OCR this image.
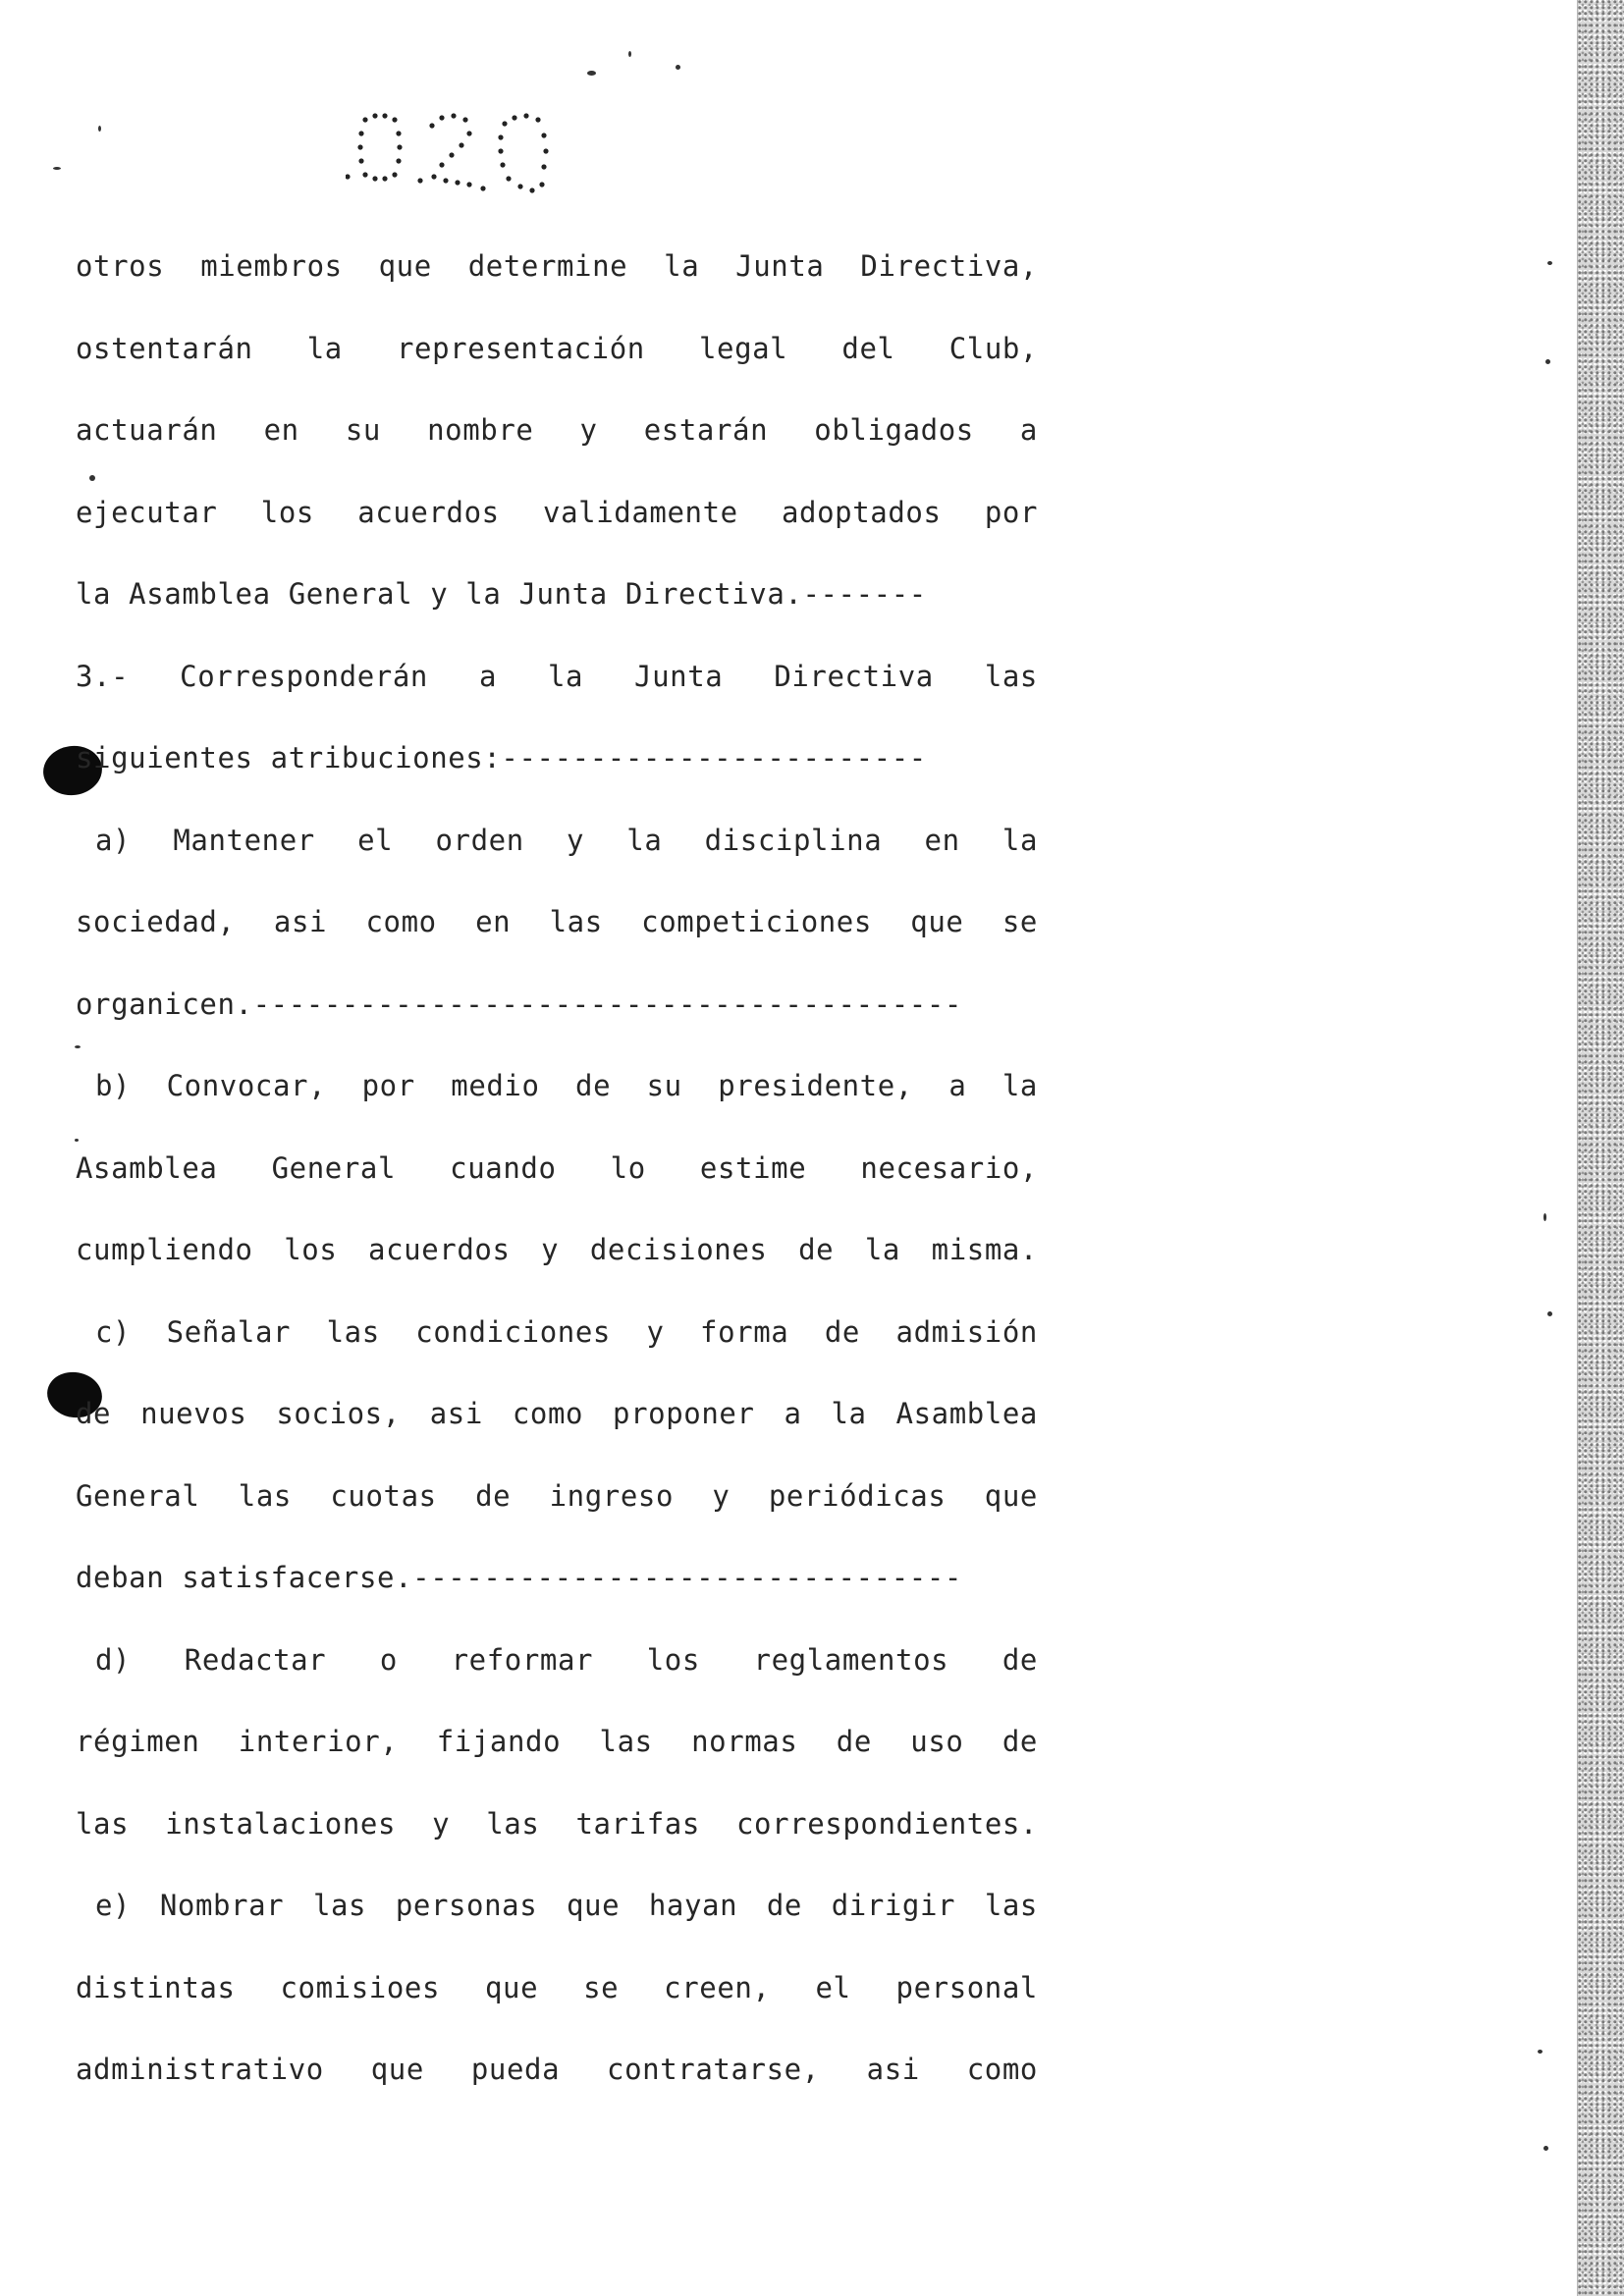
otros miembros que determine la Junta Directiva,
ostentarán la representación legal del Club,
actuarán en su nombre y estarán obligados a
ejecutar los acuerdos validamente adoptados por
la Asamblea General y la Junta Directiva.-------
3.- Corresponderán a la Junta Directiva las
siguientes atribuciones:------------------------
a) Mantener el orden y la disciplina en la
sociedad, asi como en las competiciones que se
organicen.----------------------------------------
b) Convocar, por medio de su presidente, a la
Asamblea General cuando lo estime necesario,
cumpliendo los acuerdos y decisiones de la misma.
c) Señalar las condiciones y forma de admisión
de nuevos socios, asi como proponer a la Asamblea
General las cuotas de ingreso y periódicas que
deban satisfacerse.-------------------------------
d) Redactar o reformar los reglamentos de
régimen interior, fijando las normas de uso de
las instalaciones y las tarifas correspondientes.
e) Nombrar las personas que hayan de dirigir las
distintas comisioes que se creen, el personal
administrativo que pueda contratarse, asi como
